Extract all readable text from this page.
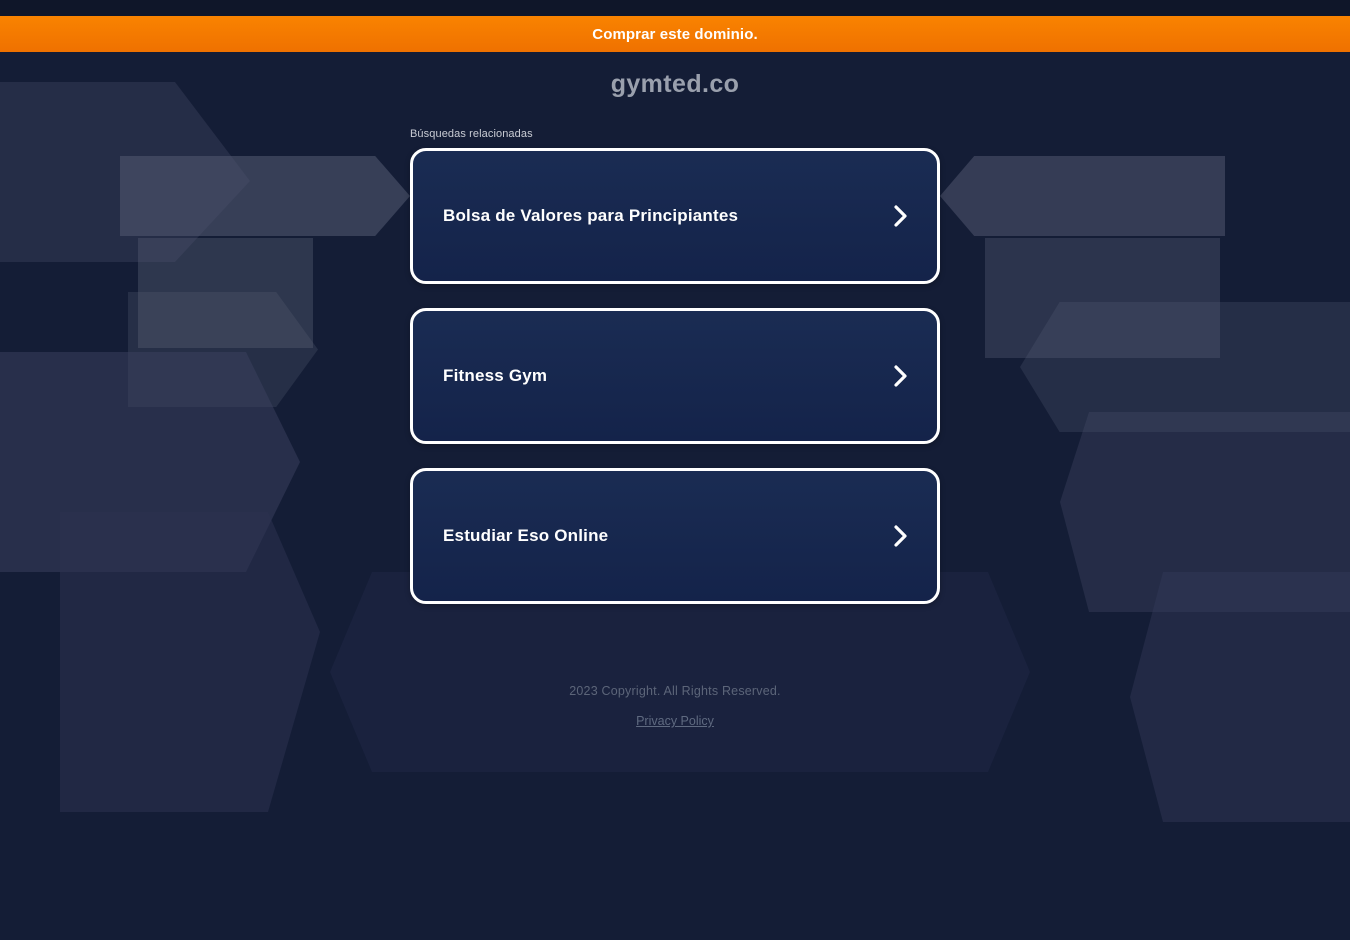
Comprar este dominio.
gymted.co
Búsquedas relacionadas
Bolsa de Valores para Principiantes
Fitness Gym
Estudiar Eso Online
2023 Copyright. All Rights Reserved.
Privacy Policy
